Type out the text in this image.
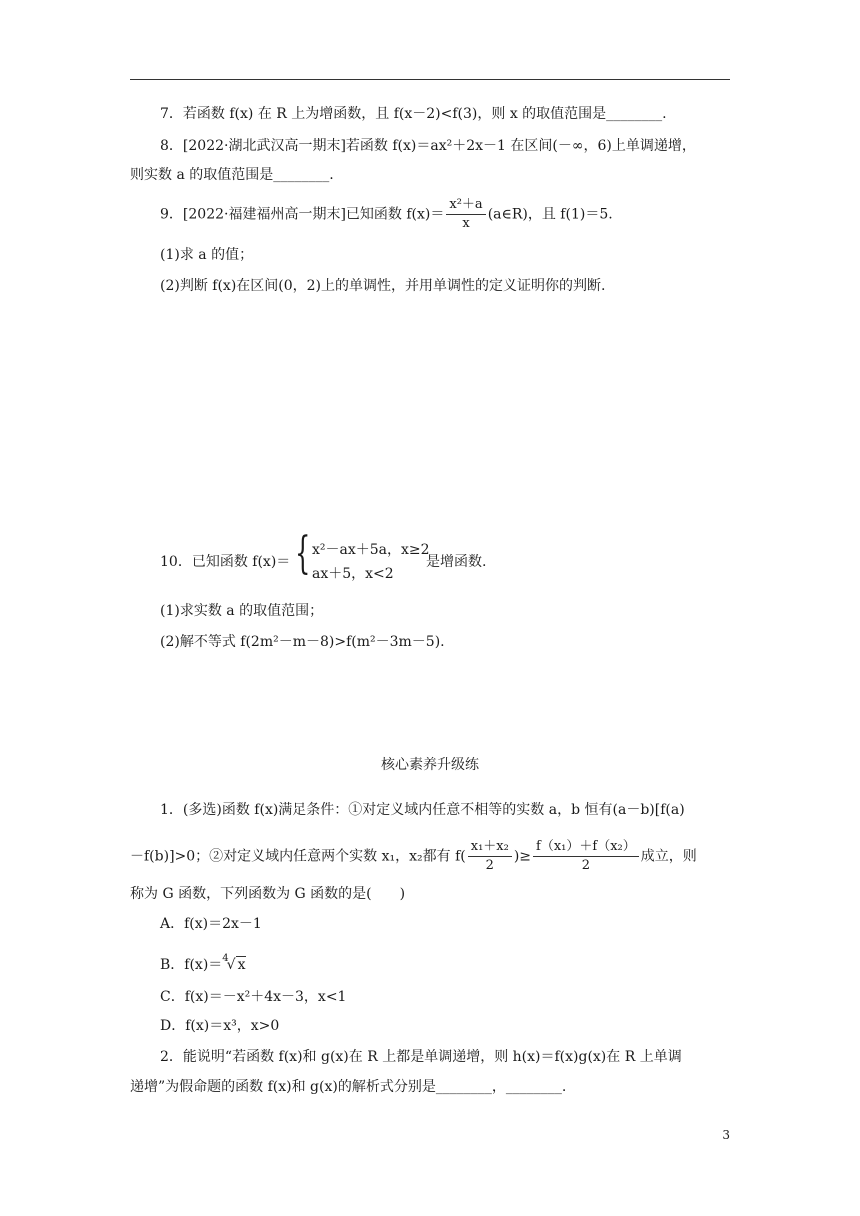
7．若函数 f(x) 在 R 上为增函数，且 f(x－2)<f(3)，则 x 的取值范围是________.
8．[2022·湖北武汉高一期末]若函数 f(x)＝ax²＋2x－1 在区间(－∞，6)上单调递增，
则实数 a 的取值范围是________.
9．[2022·福建福州高一期末]已知函数 $f(x)= \frac{\text{x²＋a}}{x}$ (a∈R)，且 f(1)＝5.
(1)求 a 的值；
(2)判断 f(x)在区间(0，2)上的单调性，并用单调性的定义证明你的判断.
10．已知函数 f(x)＝ { x²－ax＋5a，x≥2
ax＋5，x<2
是增函数.
(1)求实数 a 的取值范围；
(2)解不等式 f(2m²－m－8)>f(m²－3m－5).
核心素养升级练
1．(多选)函数 f(x)满足条件：①对定义域内任意不相等的实数 a，b 恒有(a－b)[f(a)
－f(b)]>0；②对定义域内任意两个实数 x₁，x₂都有 $f( \frac{\text{x₁＋x₂}}{2}$ )≥ $\frac{\text{f（x₁）＋f（x₂）}}{2}$ 成立，则
称为 G 函数，下列函数为 G 函数的是(　　)
A．f(x)＝2x－1
B．f(x)＝$^4$√ x
C．f(x)＝－x²＋4x－3，x<1
D．f(x)＝x³，x>0
2．能说明“若函数 f(x)和 g(x)在 R 上都是单调递增，则 h(x)＝f(x)g(x)在 R 上单调
递增”为假命题的函数 f(x)和 g(x)的解析式分别是________，________.
3
